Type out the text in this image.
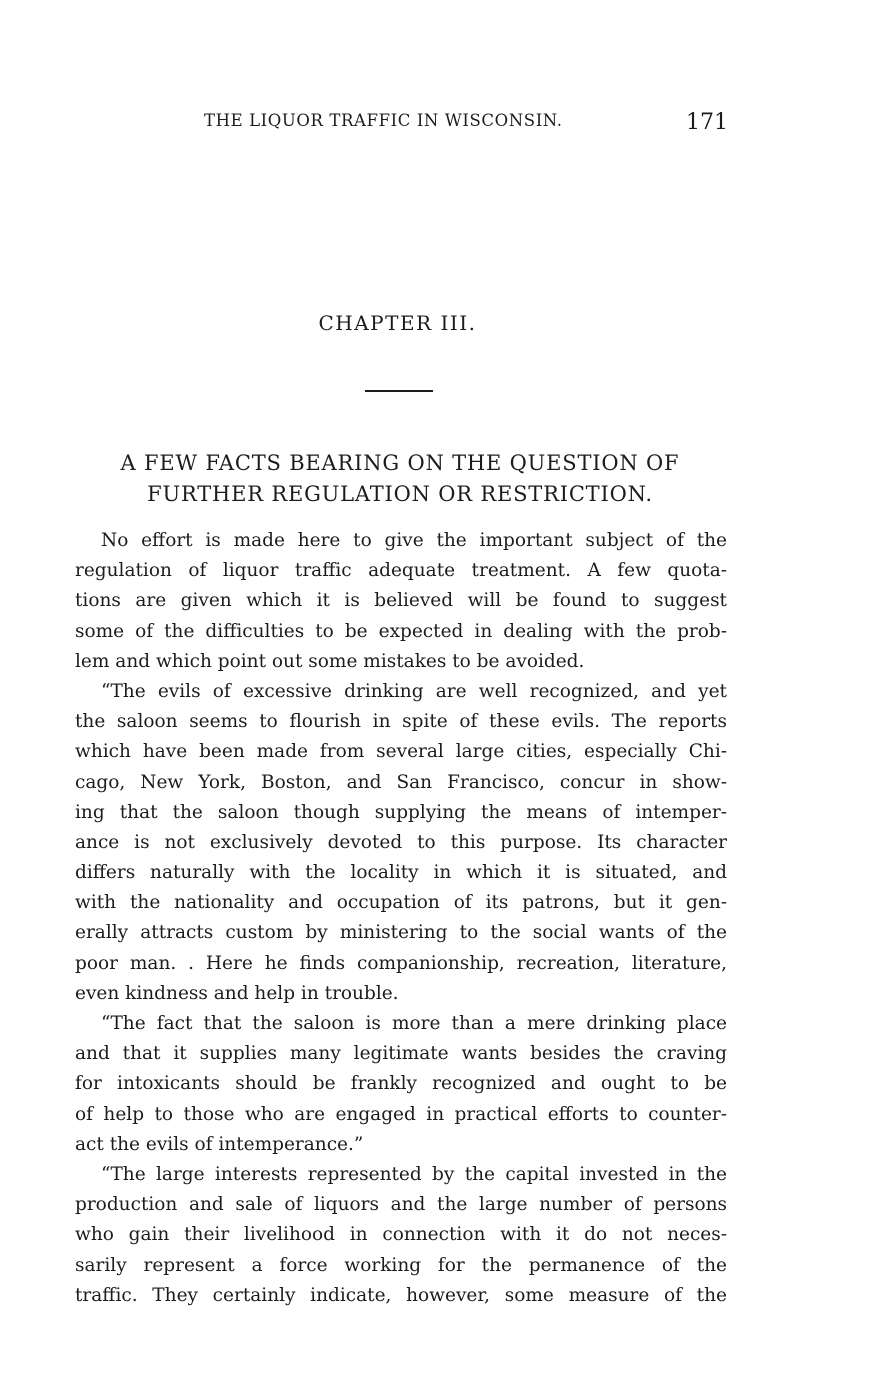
THE LIQUOR TRAFFIC IN WISCONSIN.	171
CHAPTER III.
A FEW FACTS BEARING ON THE QUESTION OF
FURTHER REGULATION OR RESTRICTION.
No effort is made here to give the important subject of the
regulation of liquor traffic adequate treatment. A few quota-
tions are given which it is believed will be found to suggest
some of the difficulties to be expected in dealing with the prob-
lem and which point out some mistakes to be avoided.
“The evils of excessive drinking are well recognized, and yet
the saloon seems to flourish in spite of these evils. The reports
which have been made from several large cities, especially Chi-
cago, New York, Boston, and San Francisco, concur in show-
ing that the saloon though supplying the means of intemper-
ance is not exclusively devoted to this purpose. Its character
differs naturally with the locality in which it is situated, and
with the nationality and occupation of its patrons, but it gen-
erally attracts custom by ministering to the social wants of the
poor man. . Here he finds companionship, recreation, literature,
even kindness and help in trouble.
“The fact that the saloon is more than a mere drinking place
and that it supplies many legitimate wants besides the craving
for intoxicants should be frankly recognized and ought to be
of help to those who are engaged in practical efforts to counter-
act the evils of intemperance.”
“The large interests represented by the capital invested in the
production and sale of liquors and the large number of persons
who gain their livelihood in connection with it do not neces-
sarily represent a force working for the permanence of the
traffic. They certainly indicate, however, some measure of the
